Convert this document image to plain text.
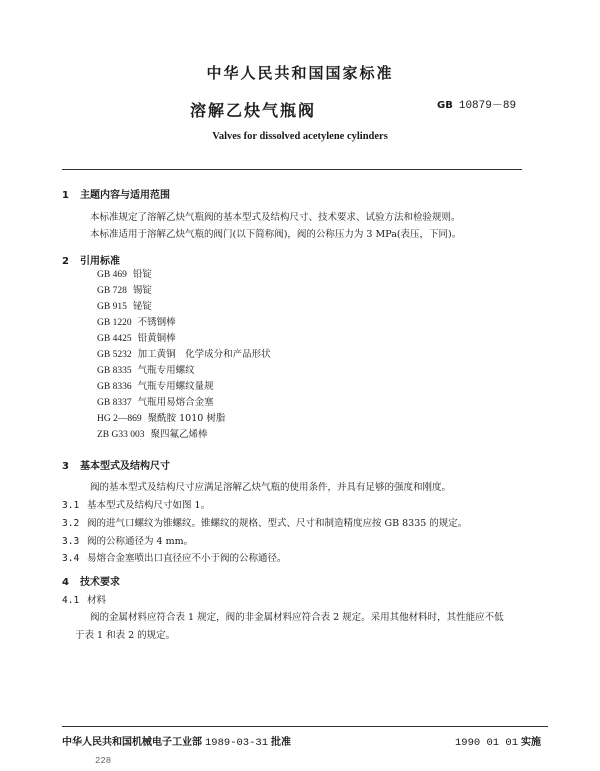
中华人民共和国国家标准
溶解乙炔气瓶阀	GB 10879－89
Valves for dissolved acetylene cylinders
1 主题内容与适用范围
本标准规定了溶解乙炔气瓶阀的基本型式及结构尺寸、技术要求、试验方法和检验规则。
本标准适用于溶解乙炔气瓶的阀门(以下简称阀)，阀的公称压力为 3 MPa(表压，下同)。
2 引用标准
GB 469 铅锭
GB 728 锡锭
GB 915 铋锭
GB 1220 不锈钢棒
GB 4425 铅黄铜棒
GB 5232 加工黄铜　化学成分和产品形状
GB 8335 气瓶专用螺纹
GB 8336 气瓶专用螺纹量规
GB 8337 气瓶用易熔合金塞
HG 2—869 聚酰胺 1010 树脂
ZB G33 003 聚四氟乙烯棒
3 基本型式及结构尺寸
阀的基本型式及结构尺寸应满足溶解乙炔气瓶的使用条件，并具有足够的强度和刚度。
3.1 基本型式及结构尺寸如图 1。
3.2 阀的进气口螺纹为锥螺纹。锥螺纹的规格、型式、尺寸和制造精度应按 GB 8335 的规定。
3.3 阀的公称通径为 4 mm。
3.4 易熔合金塞喷出口直径应不小于阀的公称通径。
4 技术要求
4.1 材料
阀的金属材料应符合表 1 规定，阀的非金属材料应符合表 2 规定。采用其他材料时，其性能应不低
于表 1 和表 2 的规定。
中华人民共和国机械电子工业部 1989-03-31 批准	1990 01 01 实施
228
